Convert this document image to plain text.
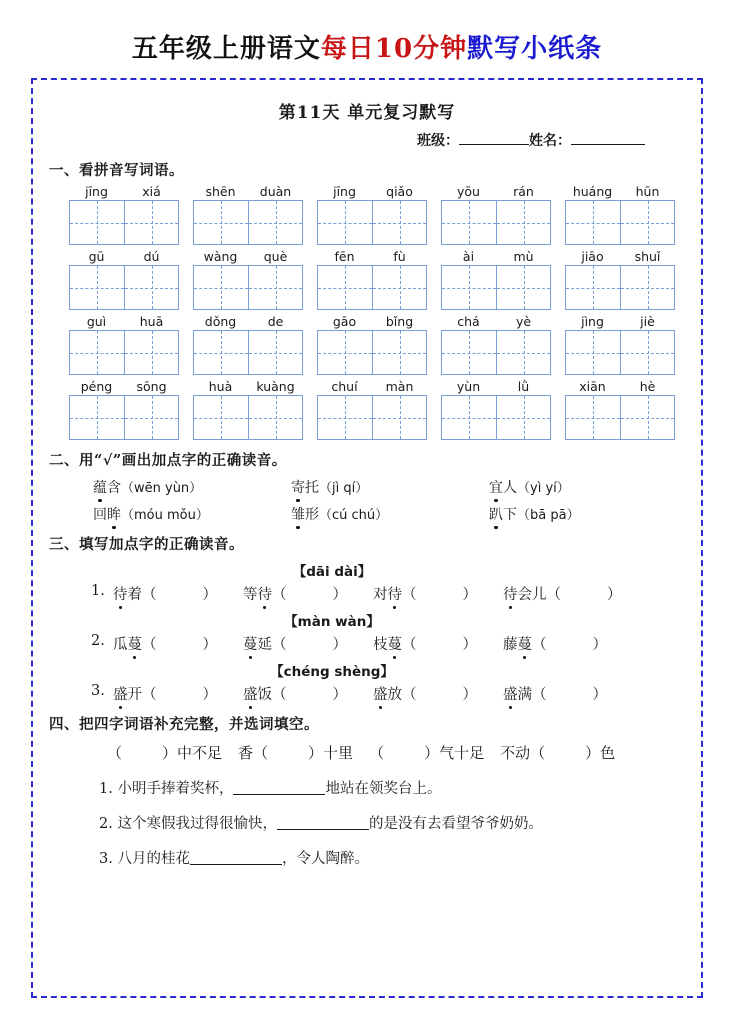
五年级上册语文每日10分钟默写小纸条
第11天 单元复习默写
班级：	姓名：
一、看拼音写词语。
jīng	xiá	shēn	duàn	jīng	qiǎo	yōu	rán	huáng	hūn
gū	dú	wàng	què	fēn	fù	ài	mù	jiāo	shuǐ
guì	huā	dǒng	de	gāo	bǐng	chá	yè	jìng	jiè
péng	sōng	huà	kuàng	chuí	màn	yùn	lǜ	xiān	hè
二、用“√”画出加点字的正确读音。
蕴含（wēn yùn）	寄托（jì qí）	宜人（yì yí）
回眸（móu mǒu）	雏形（cú chú）	趴下（bā pā）
三、填写加点字的正确读音。
【dāi dài】
1. 待着（	）	等待（	）	对待（	）	待会儿（	）
【màn wàn】
2. 瓜蔓（	）	蔓延（	）	枝蔓（	）	藤蔓（	）
【chéng shèng】
3. 盛开（	）	盛饭（	）	盛放（	）	盛满（	）
四、把四字词语补充完整，并选词填空。
（	）中不足 香（	）十里 （	）气十足 不动（	）色
1. 小明手捧着奖杯，	地站在领奖台上。
2. 这个寒假我过得很愉快，	的是没有去看望爷爷奶奶。
3. 八月的桂花	，令人陶醉。
